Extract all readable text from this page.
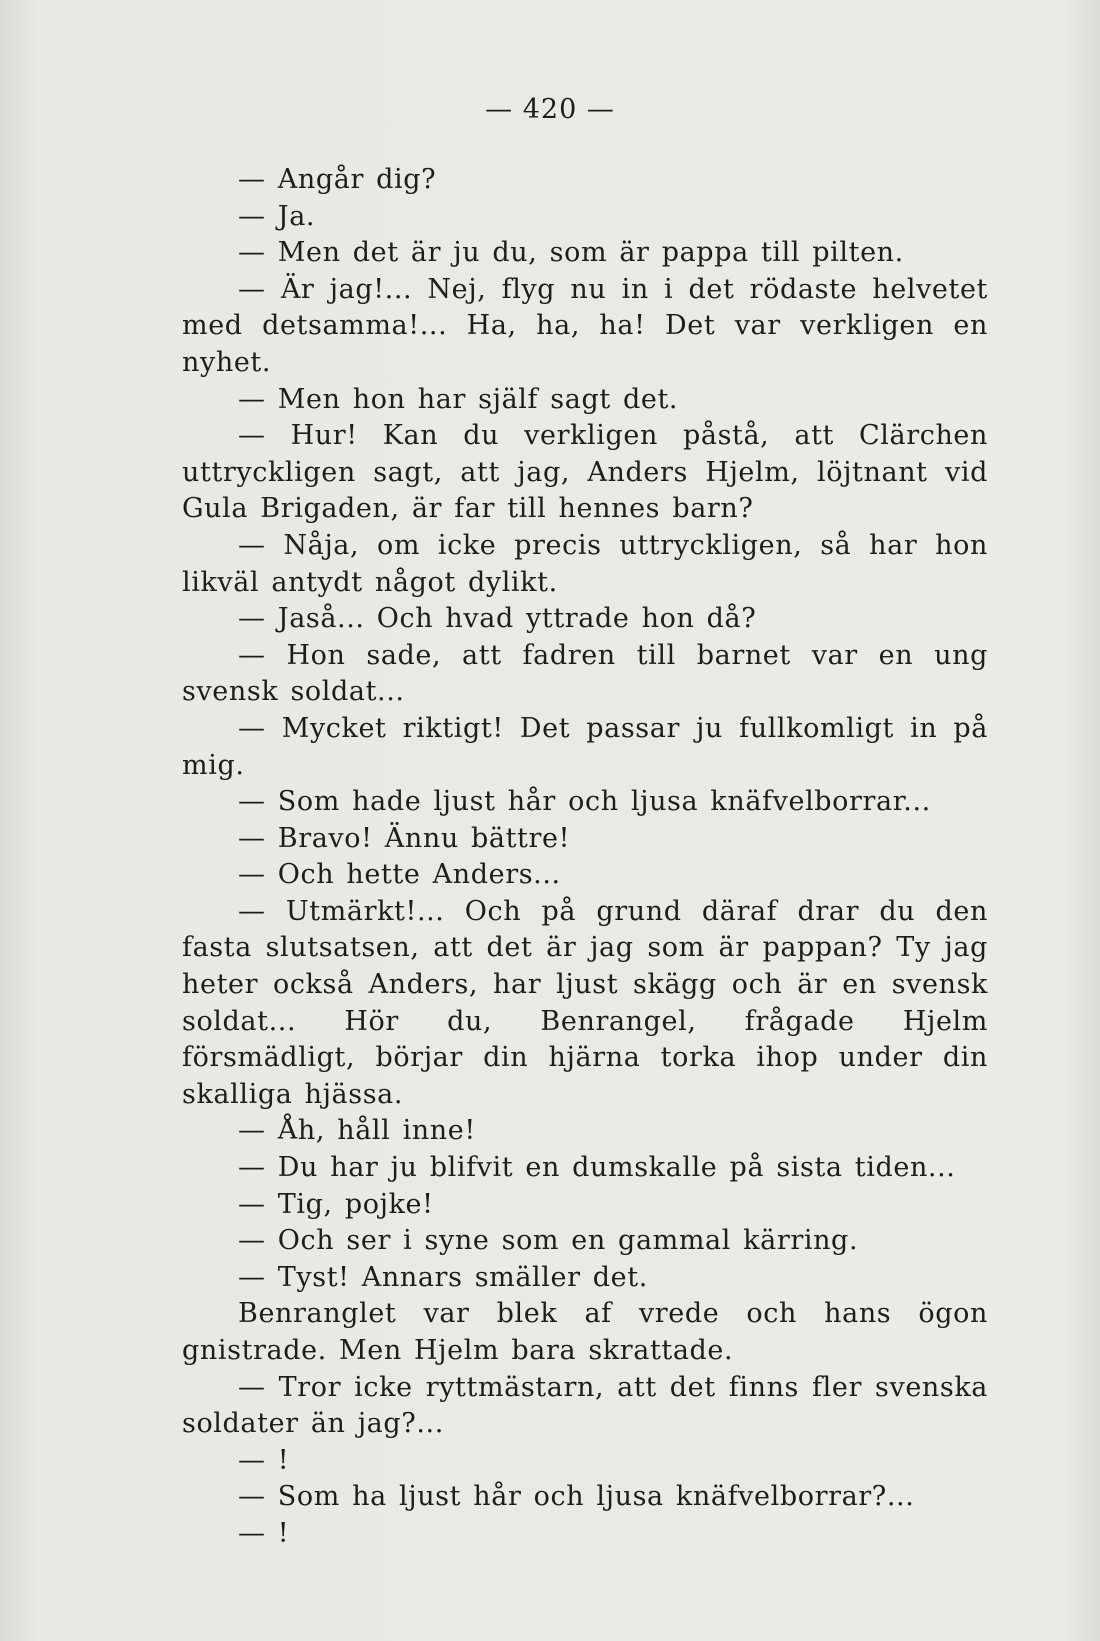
— 420 —

— Angår dig?

— Ja.

— Men det är ju du, som är pappa till pilten.

— Är jag!... Nej, flyg nu in i det rödaste helvetet med detsamma!... Ha, ha, ha! Det var verkligen en nyhet.

— Men hon har själf sagt det.

— Hur! Kan du verkligen påstå, att Clärchen uttryckligen sagt, att jag, Anders Hjelm, löjtnant vid Gula Brigaden, är far till hennes barn?

— Nåja, om icke precis uttryckligen, så har hon likväl antydt något dylikt.

— Jaså... Och hvad yttrade hon då?

— Hon sade, att fadren till barnet var en ung svensk soldat...

— Mycket riktigt! Det passar ju fullkomligt in på mig.

— Som hade ljust hår och ljusa knäfvelborrar...

— Bravo! Ännu bättre!

— Och hette Anders...

— Utmärkt!... Och på grund däraf drar du den fasta slutsatsen, att det är jag som är pappan? Ty jag heter också Anders, har ljust skägg och är en svensk soldat... Hör du, Benrangel, frågade Hjelm försmädligt, börjar din hjärna torka ihop under din skalliga hjässa.

— Åh, håll inne!

— Du har ju blifvit en dumskalle på sista tiden...

— Tig, pojke!

— Och ser i syne som en gammal kärring.

— Tyst! Annars smäller det.

Benranglet var blek af vrede och hans ögon gnistrade. Men Hjelm bara skrattade.

— Tror icke ryttmästarn, att det finns fler svenska soldater än jag?...

— !

— Som ha ljust hår och ljusa knäfvelborrar?...

— !
